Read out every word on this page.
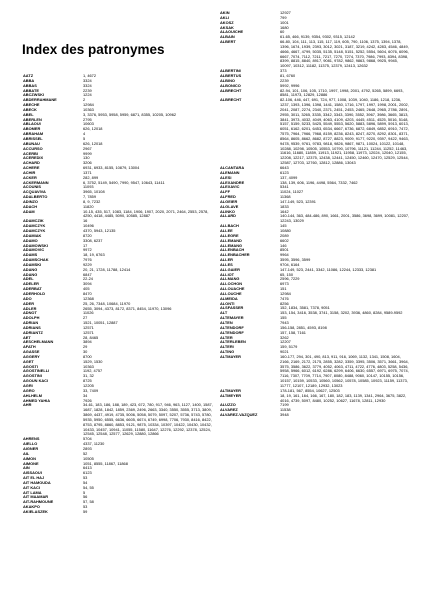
Index des patronymes
AATZ	1, 4672
ABBA	3324
ABBAS	3324
ABBATE	2239
ABCZWSKI	1224
ABDERRAHMANE	2
ABECHE	12984
ABECK	10363
ABEL	3, 3376, 5953, 5958, 5959, 6871, 8355, 10205, 10962
ABERLEN	2795
ABLAOUI	10603
ABOMER	626, 12018
ABRAHAM	4
ABRISSEL	5
ABUNAU	626, 12018
ACCURSO	2967
ACERBI	9999
ACEREDIX	130
ACHARD	3206
ACHERE	6931, 6933, 8155, 10879, 13004
ACHIR	1371
ACKER	282, 899
ACKERMANN	6, 3752, 5149, 5490, 7990, 9547, 10643, 11411
ACOUNIS	11093
ACQUAVIVA	3965, 10108
ADALBERTO	7, 7859
ADINZO	8, 9, 7232
ADACH	11820
ADAM	10-15, 435, 517, 1083, 1184, 1906, 1907, 2020, 2071, 2464, 2553, 2578, 4250, 4418, 4485, 5090, 10585, 12887
ADAMCZIK	16
ADAMCZYK	10496
ADAMCZYK	4370, 5943, 12135
ADAMIAK	8720
ADAMO	3308, 6237
ADAMOWSKI	17
ADAMOVIC	9972
ADAMS	18, 19, 6763
ADAMSCHAK	7976
ADAMSKI	9229
ADANG	20, 21, 1728, 11788, 12414
ADANG	6847
ADEL	22-24
ADELER	3094
ADERBAT	405
ADERHOLD	8470
ADO	12368
ADER	25, 26, 7348, 10684, 11970
ADLER	2655, 3094, 4373, 8172, 8371, 8454, 11970, 13096
ADNOT	11026
ADOLPH	27
ADRIAN	1521, 10051, 12887
ADRIANS	12571
ADRIANTZ	12571
AET	28, 8465
AESCHELMANN	3894
AFATH	29
AGASSE	30
AGGERY	8700
AGET	1529, 1530
AGOSTI	10363
AGOSTINELLI	1192, 4757
AGOSTINI	31, 32
AGOUN KACI	8725
AGRI	12205
AGRO	33, 7409
AHLHELM	34
AHMED YAHIA	7926
AHR	34-61, 183, 186, 188, 189, 423, 672, 780, 917, 946, 963, 1127, 1400, 1587, 1687, 1828, 1842, 1859, 2369, 2496, 2663, 3340, 3550, 3555, 3713, 3809, 3869, 4437, 4919, 4735, 5006, 5058, 5079, 5097, 5207, 5736, 5743, 5780, 5935, 5950, 6555, 6636, 6605, 6674, 6749, 6998, 7706, 7930, 8416, 8422, 8753, 8795, 8860, 8853, 9121, 9875, 10334, 10397, 10422, 10430, 10432, 10433, 10457, 10941, 11055, 11580, 11647, 12276, 12292, 12378, 12524, 12545, 12548, 12577, 12629, 12880, 12866
AHRENS	5704
AIELLO	4337, 11230
AIGNER	2893
AIL	52
AIMON	10505
AIMONE	1051, 8555, 11867, 11868
AIN	6413
AISSAOUI	6123
AIT EL HAJ	53
AIT HAMOUDA	54
AIT KACI	54, 55
AIT LAMA	5
AIT MAAMAR	56
AIT-RAHMOUNE	57, 58
AKAKPO	53
AKIELASZEK	59
AKIN	12927
AKLI	799
AKOSZ	1001
AKSAK	1680
ALAOUICHE	60
ALBAIN	61-65, 466, 9139, 9354, 9302, 9315, 12142
ALBERT	66-80, 104, 111, 113, 115, 117, 119, 605, 790, 1106, 1375, 1394, 1378, 1396, 1674, 1939, 2393, 3012, 3021, 3187, 3219, 4242, 4283, 4546, 4849, 4666, 4667, 4799, 5035, 5135, 5148, 5151, 5252, 5554, 5604, 6076, 6096, 6667, 7074, 7112, 7211, 7217, 7270, 7274, 7370, 7986, 7993, 8394, 8398, 8399, 8815, 8840, 8917, 9081, 9782, 9862, 9863, 9868, 9925, 9945, 10097, 10312, 11182, 11375, 12379, 12413, 12632
ALBERTINI	373
ALBERTUS	81, 6760
ALBINO	2239
ALBONICO	5992, 9996
ALBRECHT	82-94, 101, 106, 105, 1710, 1997, 1998, 2001, 4792, 5265, 5899, 6693, 8581, 11973, 12829, 12886
ALBRECHT	82-106, 446, 447, 691, 724, 977, 1008, 1039, 1040, 1186, 1218, 1236, 1237, 1393, 1396, 1398, 1441, 1580, 1716, 1797, 1997, 1998, 2001, 2002, 2041, 2087, 2274, 2340, 2371, 2451, 2453, 2465, 2648, 2965, 2786, 2891, 2955, 3011, 3265, 3335, 3342, 3343, 3390, 3552, 3967, 3986, 3665, 3813, 3841, 3973, 4032, 4049, 4063, 4109, 4203, 4445, 4511, 4525, 5016, 5148, 5157, 5159, 5233, 5425, 5549, 5553, 5620, 5883, 5896, 5899, 5913, 6013, 6051, 6162, 6201, 6453, 6534, 6667, 6736, 6872, 6849, 6852, 6910, 7472, 7575, 7964, 7966, 7968, 8159, 8236, 8243, 8247, 8270, 8292, 8301, 8371, 8564, 8605, 8662, 8682, 8727, 8823, 9009, 9177, 9220, 9397, 9422, 9463, 9478, 9539, 9761, 9783, 9818, 9826, 9867, 9871, 10024, 10122, 10148, 10288, 10298, 10505, 10553, 10790, 10796, 11121, 11244, 11252, 11463, 11616, 11680, 11859, 11913, 11921, 11958, 11973, 12024, 12040, 12155, 12208, 12217, 12375, 12438, 12441, 12450, 12460, 12470, 12529, 12544, 12587, 12703, 12760, 12812, 12886, 13043
ALCANTARA	6643
ALEMANN	6123
ALESI	137, 4099
ALEXANDRE	138, 139, 606, 1196, 4498, 5564, 7332, 7462
ALEXAVIC	5341
ALFF	11024, 11027
ALFRED	11368
ALGEIER	147-149, 523, 12391
ALGLAVE	1833
ALINKO	1642
ALLARD	140-144, 363, 484-486, 890, 1661, 2001, 3586, 3698, 3699, 10081, 12207, 12243, 13029
ALLBACH	145
ALLEE	10880
ALLEGRE	2089
ALLEMAND	6602
ALLEMANG	146
ALLENBACH	8501
ALLENBACHER	9964
ALLER	3595, 3596, 3599
ALLES	9704, 6164
ALLGAIER	147-149, 523, 2441, 3342, 11086, 12244, 12333, 12381
ALLIOT	65, 150
ALLMANG	2596, 7229
ALLOCHON	6973
ALLOUACHE	151
ALLOUCHE	12984
ALMEIDA	7476
ALONTI	8256
ALSFASSER	152, 1834, 3581, 7378, 9051
ALT	153, 154, 3416, 3538, 3741, 3158, 3202, 3936, 4860, 8284, 9589-9592
ALTEMAYER	155
ALTEN	7943
ALTENDORF	156-158, 2851, 4593, 8198
ALTENDORF	157, 158, 7161
ALTER	3262
ALTERLEBEN	12207
ALTERI	159, 5179
ALTING	9021
ALTMAYER	160-177, 294, 301, 490, 813, 911, 916, 1069, 1132, 1341, 1508, 1604, 2166, 2169, 2172, 2175, 2855, 3282, 3359, 3395, 3506, 3571, 3661, 3964, 3575, 3586, 3622, 3779, 4052, 4063, 4711, 4722, 4776, 4803, 5258, 5436, 5958, 5966, 6012, 6192, 6286, 6299, 6406, 6630, 6557, 6971, 6975, 7074, 7116, 7307, 7709, 7714, 7907, 8080, 8488, 9060, 10147, 10155, 10156, 10157, 10159, 10533, 10560, 10562, 10578, 10585, 10923, 11159, 11373, 11777, 12107, 12189, 12932, 13023
ALTMAYER	178-181, 567, 8554, 10627, 12503
ALTMEYER	18, 19, 161, 164, 166, 167, 180, 182, 183, 1139, 1341, 2964, 3675, 3822, 4016, 4739, 5097, 8480, 10252, 10627, 11678, 12811, 12930
ALUZZO	7199
ALVAREZ	11538
ALVAREZ-VAZQUEZ	3948
